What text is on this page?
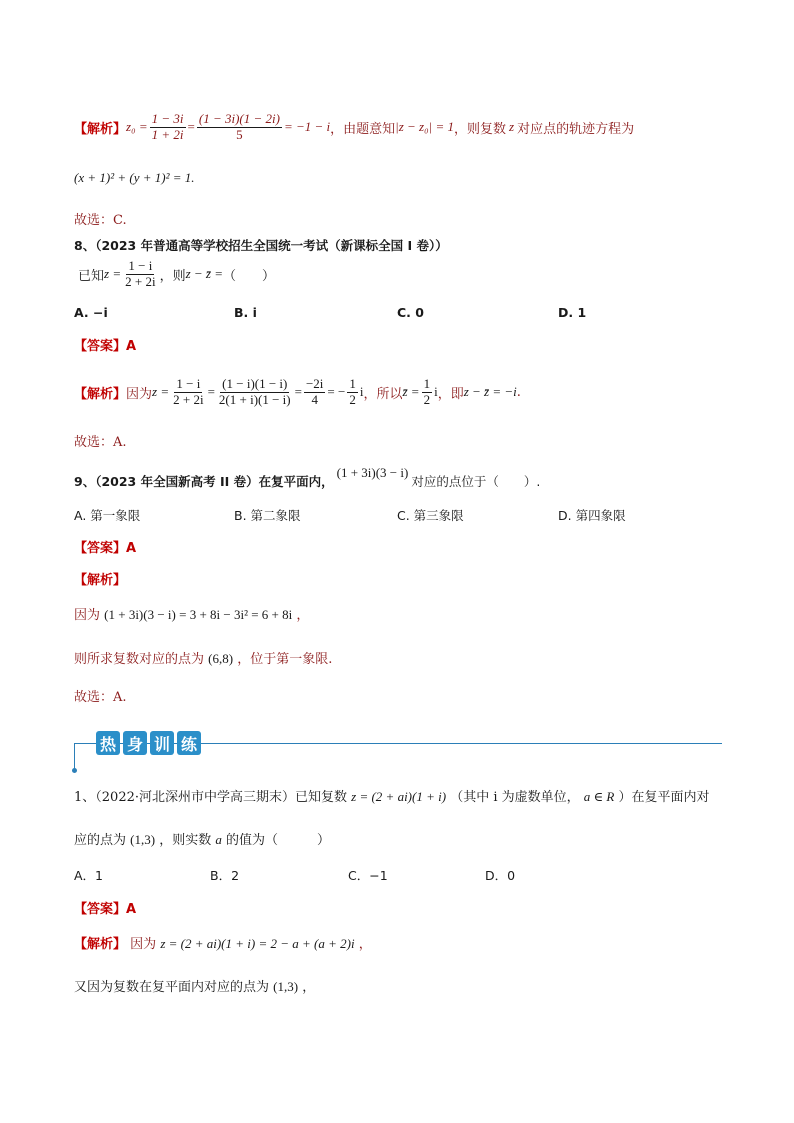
【解析】 $z_0 = \frac{1 - 3i}{1 + 2i} = \frac{(1 - 3i)(1 - 2i)}{5} = -1 - i$ ，由题意知 |z − z₀| = 1 ，则复数 z 对应点的轨迹方程为
(x + 1)² + (y + 1)² = 1.
故选：C.
8、（2023 年普通高等学校招生全国统一考试（新课标全国 I 卷））
已知 $z = \frac{1 - i}{2 + 2i}$ ，则 z − z̄ = （　　）
A. −i	B. i	C. 0	D. 1
【答案】A
【解析】 因为 $z = \frac{1 - i}{2 + 2i} = \frac{(1 - i)(1 - i)}{2(1 + i)(1 - i)} = \frac{-2i}{4}$ = − $\frac{1}{2}$ i ，所以 z̄ = $\frac{1}{2}$ i ，即 z − z̄ = −i .
故选：A.
9、（2023 年全国新高考 II 卷）在复平面内，
(1 + 3i)(3 − i)
对应的点位于（　　）.
A. 第一象限	B. 第二象限	C. 第三象限	D. 第四象限
【答案】A
【解析】
因为 (1 + 3i)(3 − i) = 3 + 8i − 3i² = 6 + 8i ，
则所求复数对应的点为 (6,8) ，位于第一象限.
故选：A.
热 身 训 练
1、（2022·河北深州市中学高三期末）已知复数 z = (2 + ai)(1 + i) （其中 i 为虚数单位， a ∈ R ）在复平面内对
应的点为 (1,3) ，则实数 a 的值为（　　　）
A．1	B．2	C．−1	D．0
【答案】A
【解析】 因为 z = (2 + ai)(1 + i) = 2 − a + (a + 2)i ，
又因为复数在复平面内对应的点为 (1,3) ，
